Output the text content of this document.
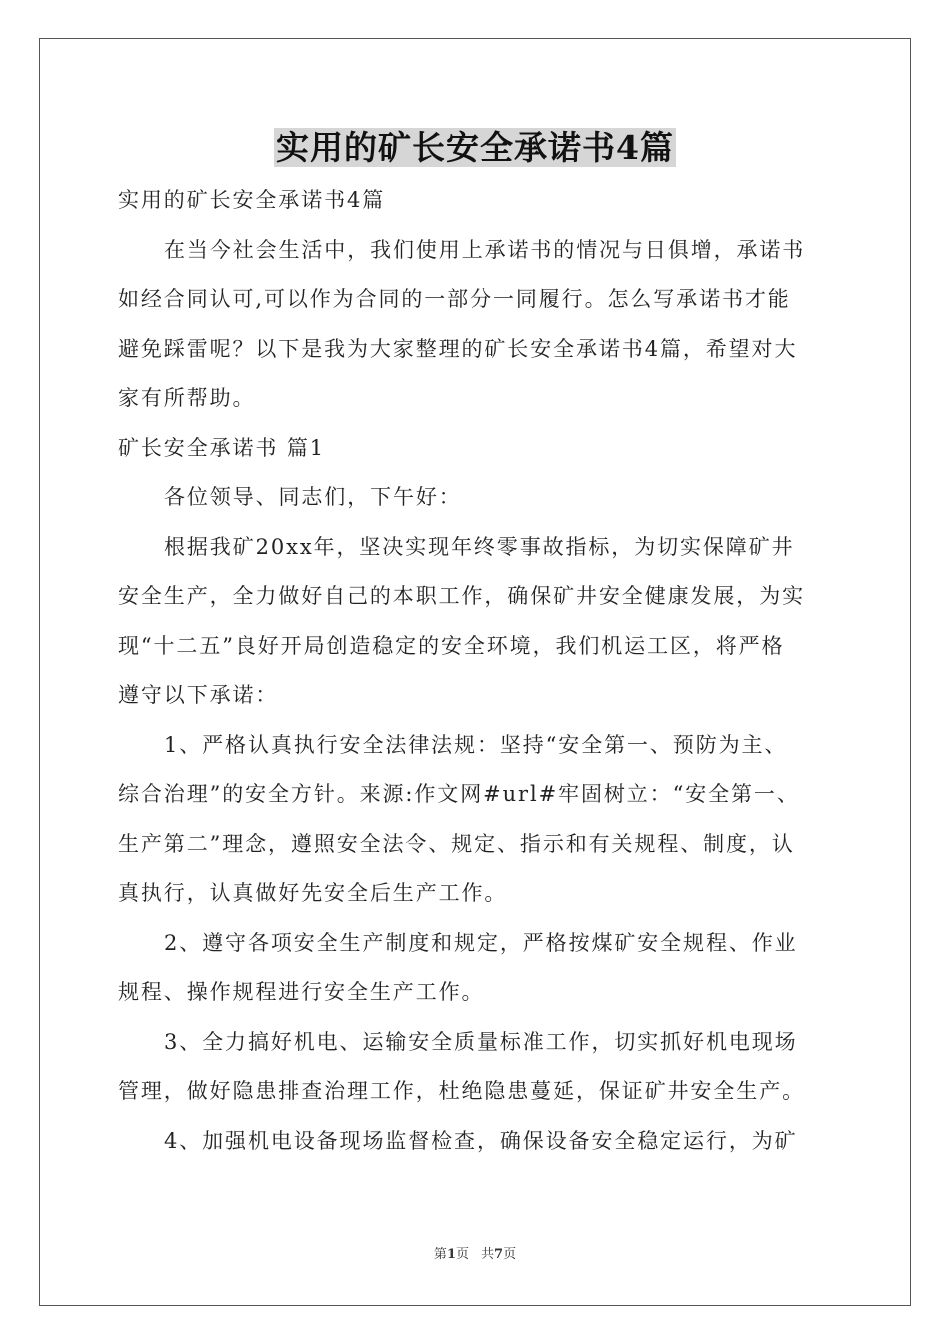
实用的矿长安全承诺书4篇
实用的矿长安全承诺书4篇
在当今社会生活中，我们使用上承诺书的情况与日俱增，承诺书
如经合同认可,可以作为合同的一部分一同履行。怎么写承诺书才能
避免踩雷呢？以下是我为大家整理的矿长安全承诺书4篇，希望对大
家有所帮助。
矿长安全承诺书 篇1
各位领导、同志们，下午好：
根据我矿20xx年，坚决实现年终零事故指标，为切实保障矿井
安全生产，全力做好自己的本职工作，确保矿井安全健康发展，为实
现“十二五”良好开局创造稳定的安全环境，我们机运工区，将严格
遵守以下承诺：
1、严格认真执行安全法律法规：坚持“安全第一、预防为主、
综合治理”的安全方针。来源:作文网#url#牢固树立：“安全第一、
生产第二”理念，遵照安全法令、规定、指示和有关规程、制度，认
真执行，认真做好先安全后生产工作。
2、遵守各项安全生产制度和规定，严格按煤矿安全规程、作业
规程、操作规程进行安全生产工作。
3、全力搞好机电、运输安全质量标准工作，切实抓好机电现场
管理，做好隐患排查治理工作，杜绝隐患蔓延，保证矿井安全生产。
4、加强机电设备现场监督检查，确保设备安全稳定运行，为矿
第1页 共7页
